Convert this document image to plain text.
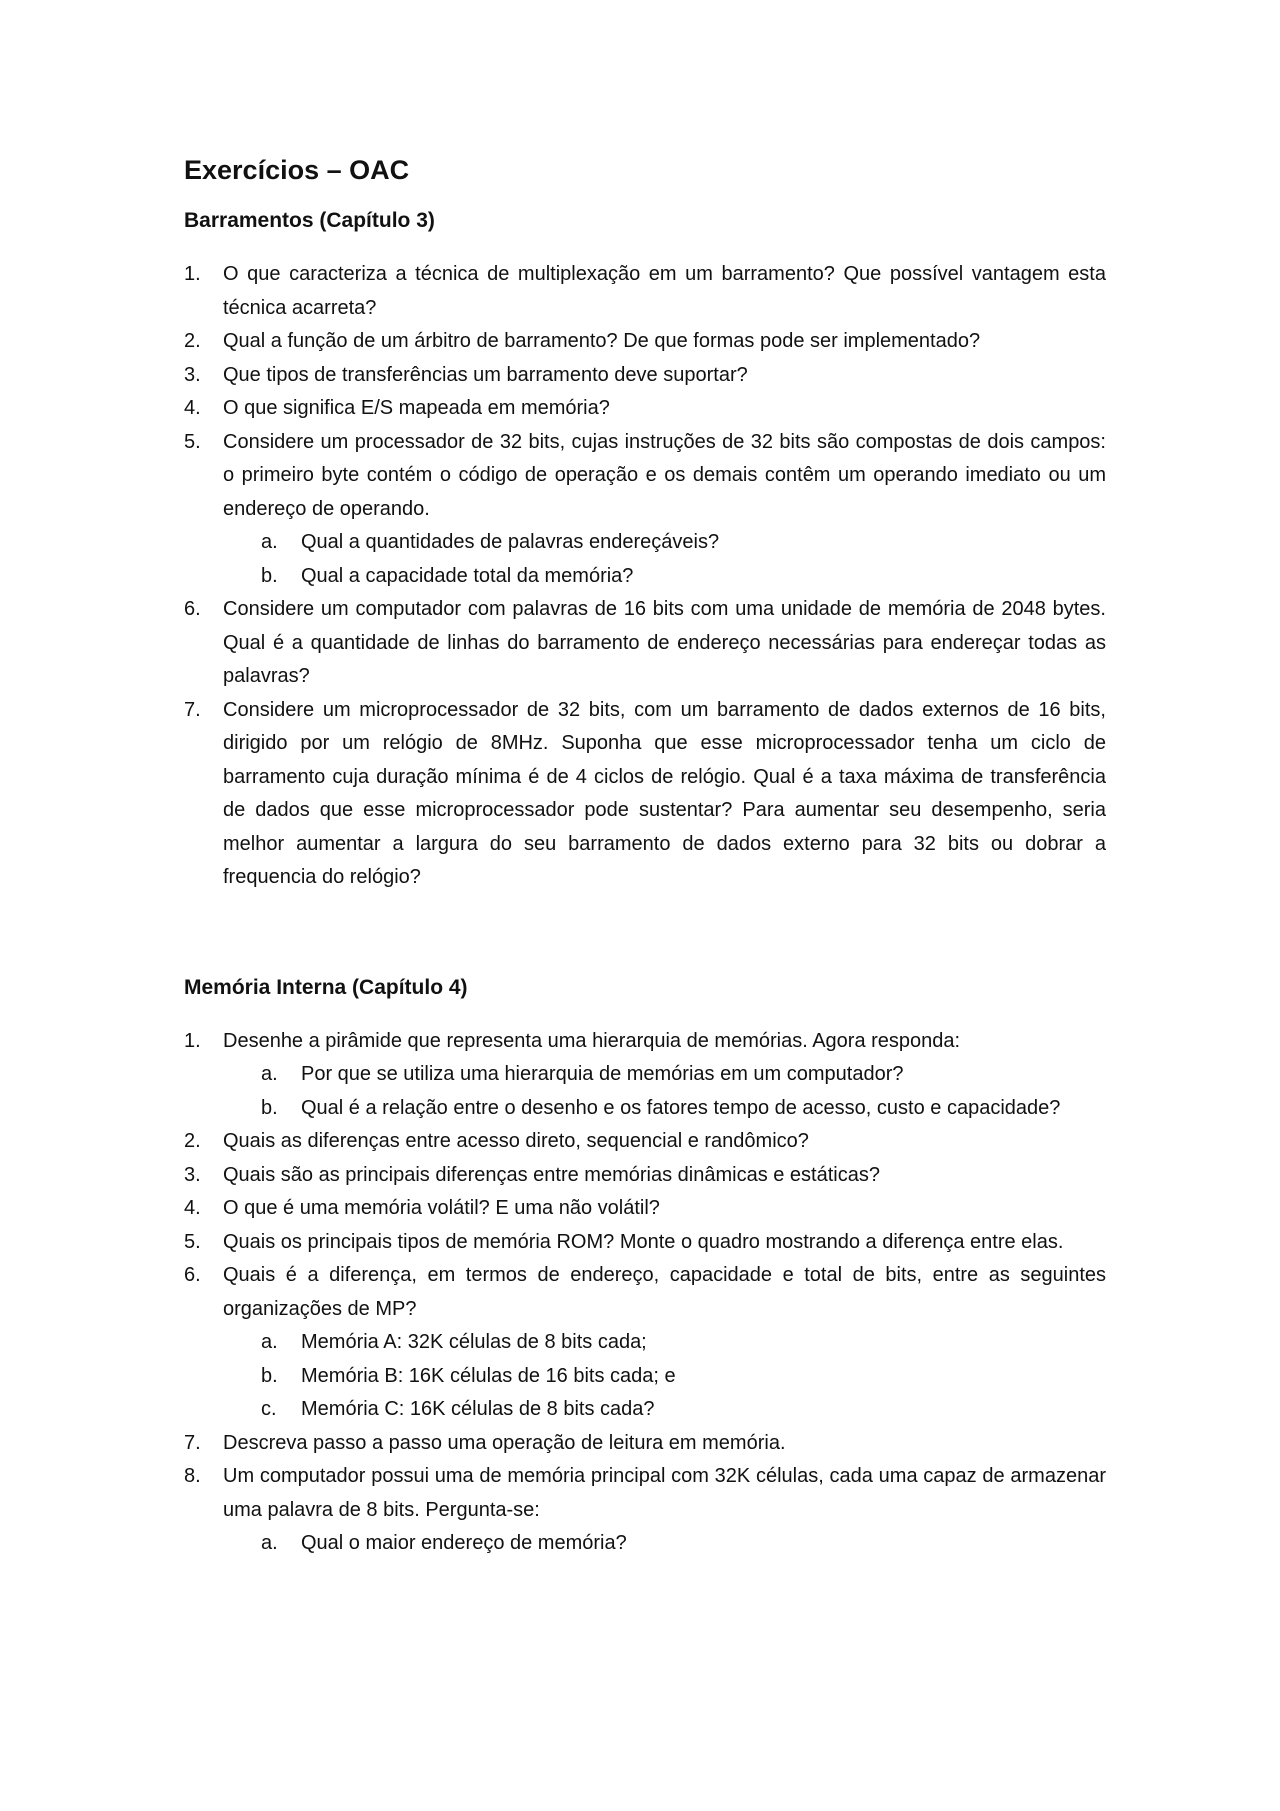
Exercícios – OAC
Barramentos (Capítulo 3)
1. O que caracteriza a técnica de multiplexação em um barramento? Que possível vantagem esta técnica acarreta?
2. Qual a função de um árbitro de barramento? De que formas pode ser implementado?
3. Que tipos de transferências um barramento deve suportar?
4. O que significa E/S mapeada em memória?
5. Considere um processador de 32 bits, cujas instruções de 32 bits são compostas de dois campos: o primeiro byte contém o código de operação e os demais contêm um operando imediato ou um endereço de operando.
a. Qual a quantidades de palavras endereçáveis?
b. Qual a capacidade total da memória?
6. Considere um computador com palavras de 16 bits com uma unidade de memória de 2048 bytes. Qual é a quantidade de linhas do barramento de endereço necessárias para endereçar todas as palavras?
7. Considere um microprocessador de 32 bits, com um barramento de dados externos de 16 bits, dirigido por um relógio de 8MHz. Suponha que esse microprocessador tenha um ciclo de barramento cuja duração mínima é de 4 ciclos de relógio. Qual é a taxa máxima de transferência de dados que esse microprocessador pode sustentar? Para aumentar seu desempenho, seria melhor aumentar a largura do seu barramento de dados externo para 32 bits ou dobrar a frequencia do relógio?
Memória Interna (Capítulo 4)
1. Desenhe a pirâmide que representa uma hierarquia de memórias. Agora responda:
a. Por que se utiliza uma hierarquia de memórias em um computador?
b. Qual é a relação entre o desenho e os fatores tempo de acesso, custo e capacidade?
2. Quais as diferenças entre acesso direto, sequencial e randômico?
3. Quais são as principais diferenças entre memórias dinâmicas e estáticas?
4. O que é uma memória volátil? E uma não volátil?
5. Quais os principais tipos de memória ROM? Monte o quadro mostrando a diferença entre elas.
6. Quais é a diferença, em termos de endereço, capacidade e total de bits, entre as seguintes organizações de MP?
a. Memória A: 32K células de 8 bits cada;
b. Memória B: 16K células de 16 bits cada; e
c. Memória C: 16K células de 8 bits cada?
7. Descreva passo a passo uma operação de leitura em memória.
8. Um computador possui uma de memória principal com 32K células, cada uma capaz de armazenar uma palavra de 8 bits. Pergunta-se:
a. Qual o maior endereço de memória?
